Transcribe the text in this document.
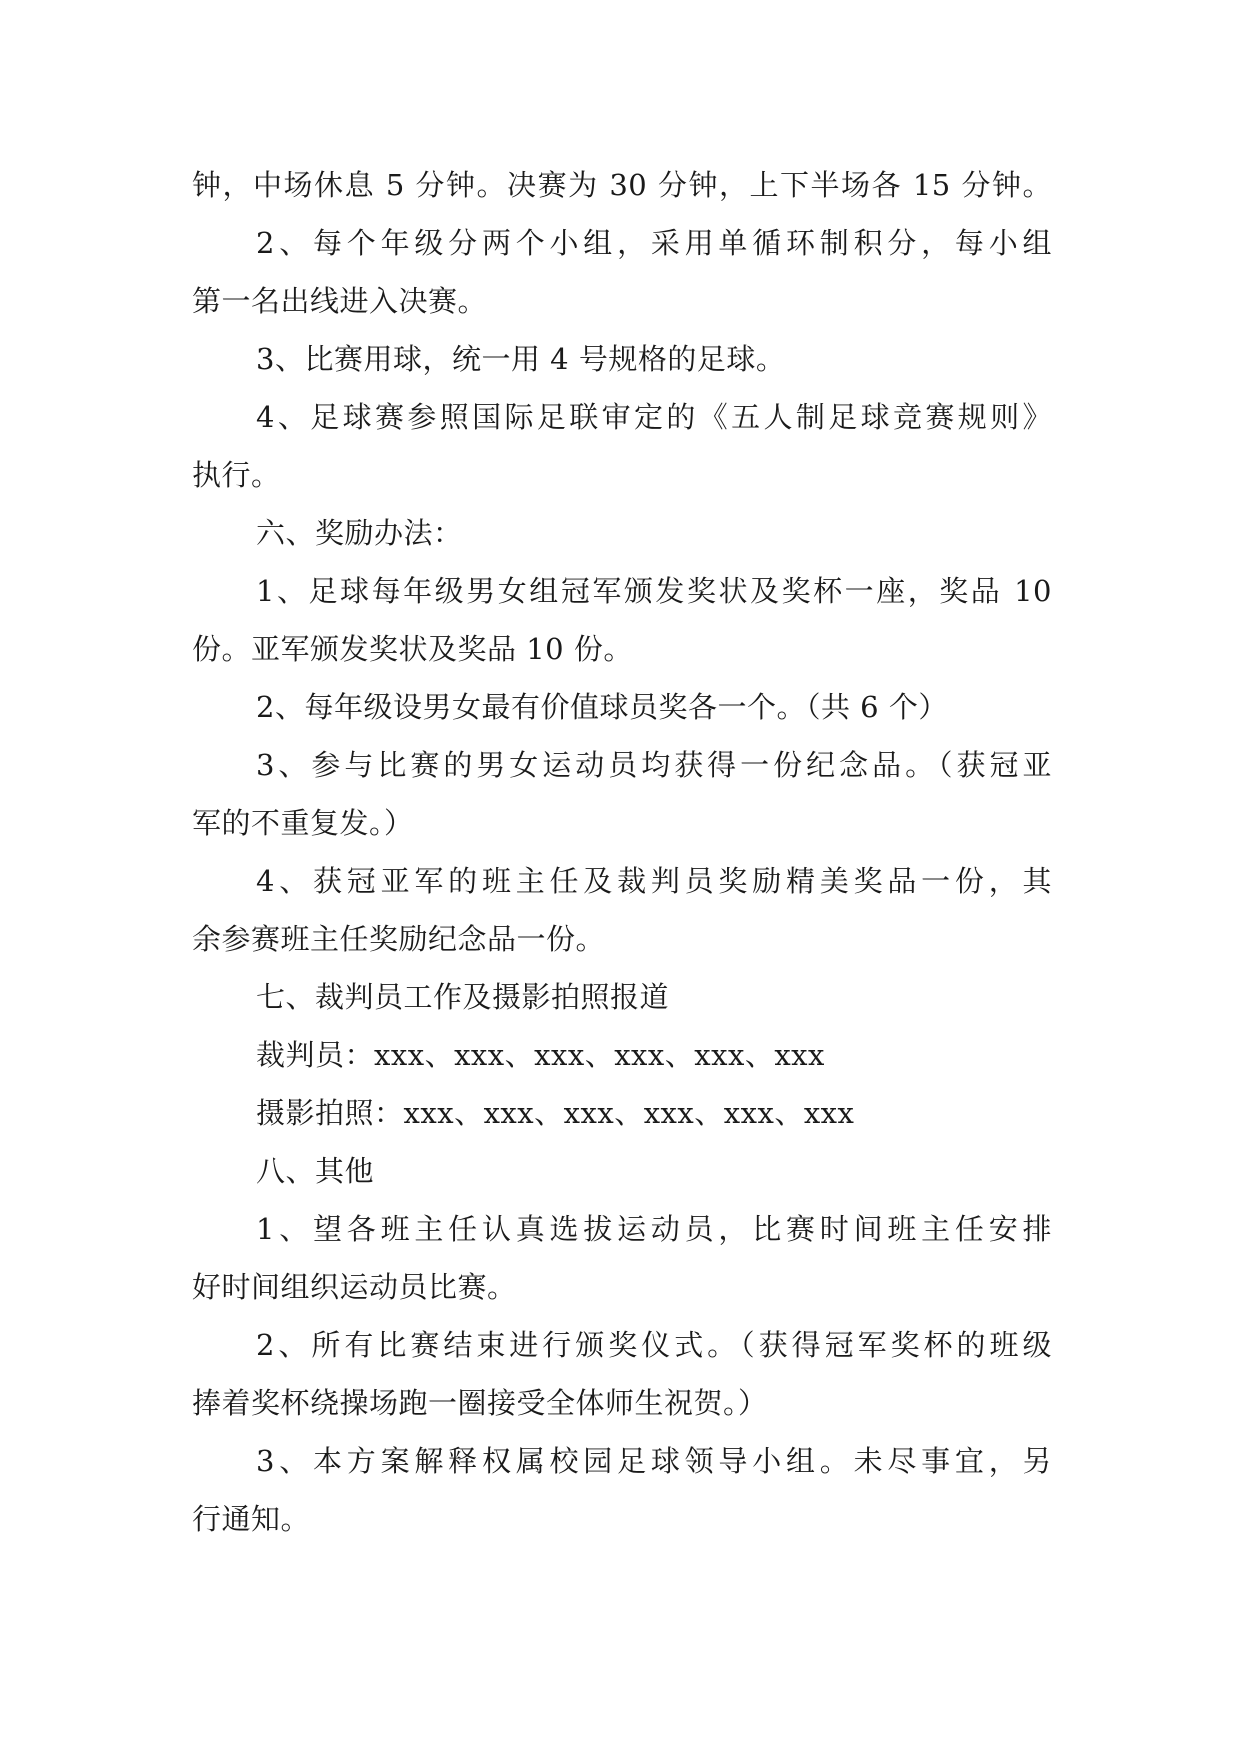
钟，中场休息 5 分钟。决赛为 30 分钟，上下半场各 15 分钟。
2、每个年级分两个小组，采用单循环制积分，每小组
第一名出线进入决赛。
3、比赛用球，统一用 4 号规格的足球。
4、足球赛参照国际足联审定的《五人制足球竞赛规则》
执行。
六、奖励办法：
1、足球每年级男女组冠军颁发奖状及奖杯一座，奖品 10
份。亚军颁发奖状及奖品 10 份。
2、每年级设男女最有价值球员奖各一个。（共 6 个）
3、参与比赛的男女运动员均获得一份纪念品。（获冠亚
军的不重复发。）
4、获冠亚军的班主任及裁判员奖励精美奖品一份，其
余参赛班主任奖励纪念品一份。
七、裁判员工作及摄影拍照报道
裁判员：xxx、xxx、xxx、xxx、xxx、xxx
摄影拍照：xxx、xxx、xxx、xxx、xxx、xxx
八、其他
1、望各班主任认真选拔运动员，比赛时间班主任安排
好时间组织运动员比赛。
2、所有比赛结束进行颁奖仪式。（获得冠军奖杯的班级
捧着奖杯绕操场跑一圈接受全体师生祝贺。）
3、本方案解释权属校园足球领导小组。未尽事宜，另
行通知。
